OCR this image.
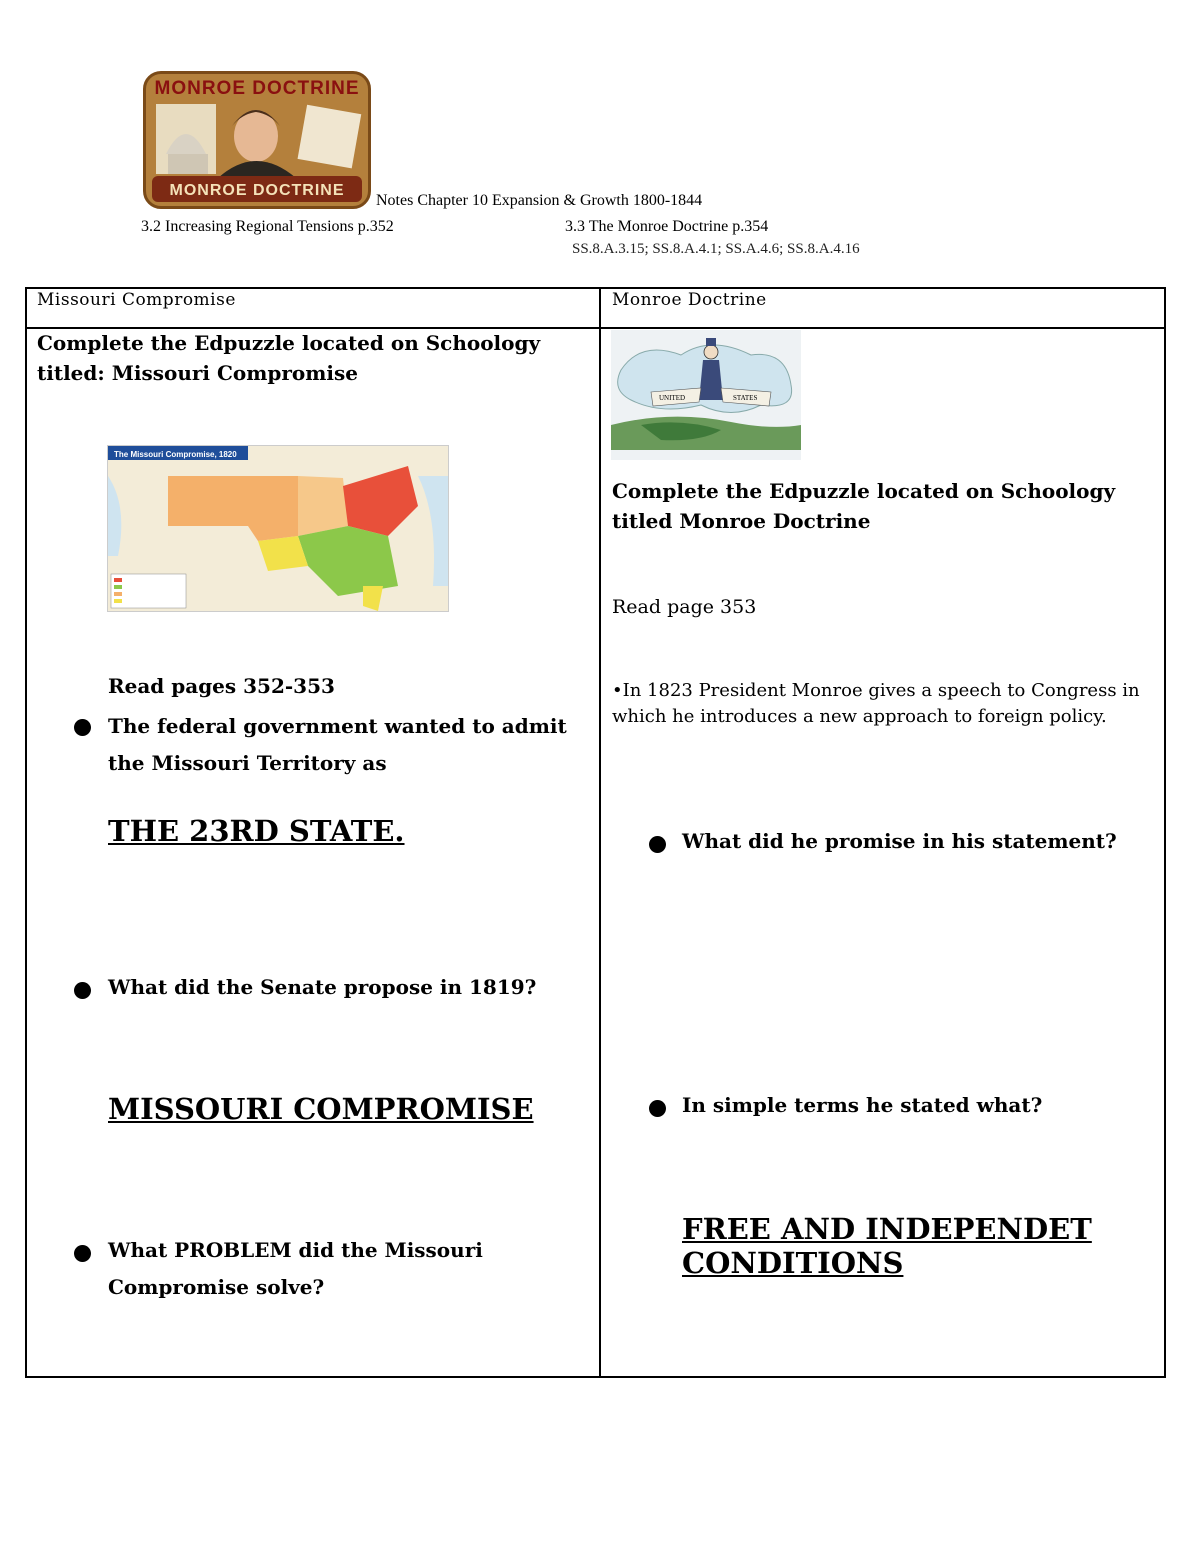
MONROE DOCTRINE
MONROE DOCTRINE
Notes Chapter 10 Expansion & Growth 1800-1844
3.2 Increasing Regional Tensions p.352	3.3 The Monroe Doctrine p.354
SS.8.A.3.15; SS.8.A.4.1; SS.A.4.6; SS.8.A.4.16
Missouri Compromise
Complete the Edpuzzle located on Schoology titled: Missouri Compromise
The Missouri Compromise, 1820
Read pages 352-353
The federal government wanted to admit the Missouri Territory as
THE 23RD STATE.
What did the Senate propose in 1819?
MISSOURI COMPROMISE
What PROBLEM did the Missouri Compromise solve?
Monroe Doctrine
UNITED	STATES
Complete the Edpuzzle located on Schoology titled Monroe Doctrine
Read page 353
•In 1823 President Monroe gives a speech to Congress in which he introduces a new approach to foreign policy.
What did he promise in his statement?
In simple terms he stated what?
FREE AND INDEPENDET CONDITIONS
